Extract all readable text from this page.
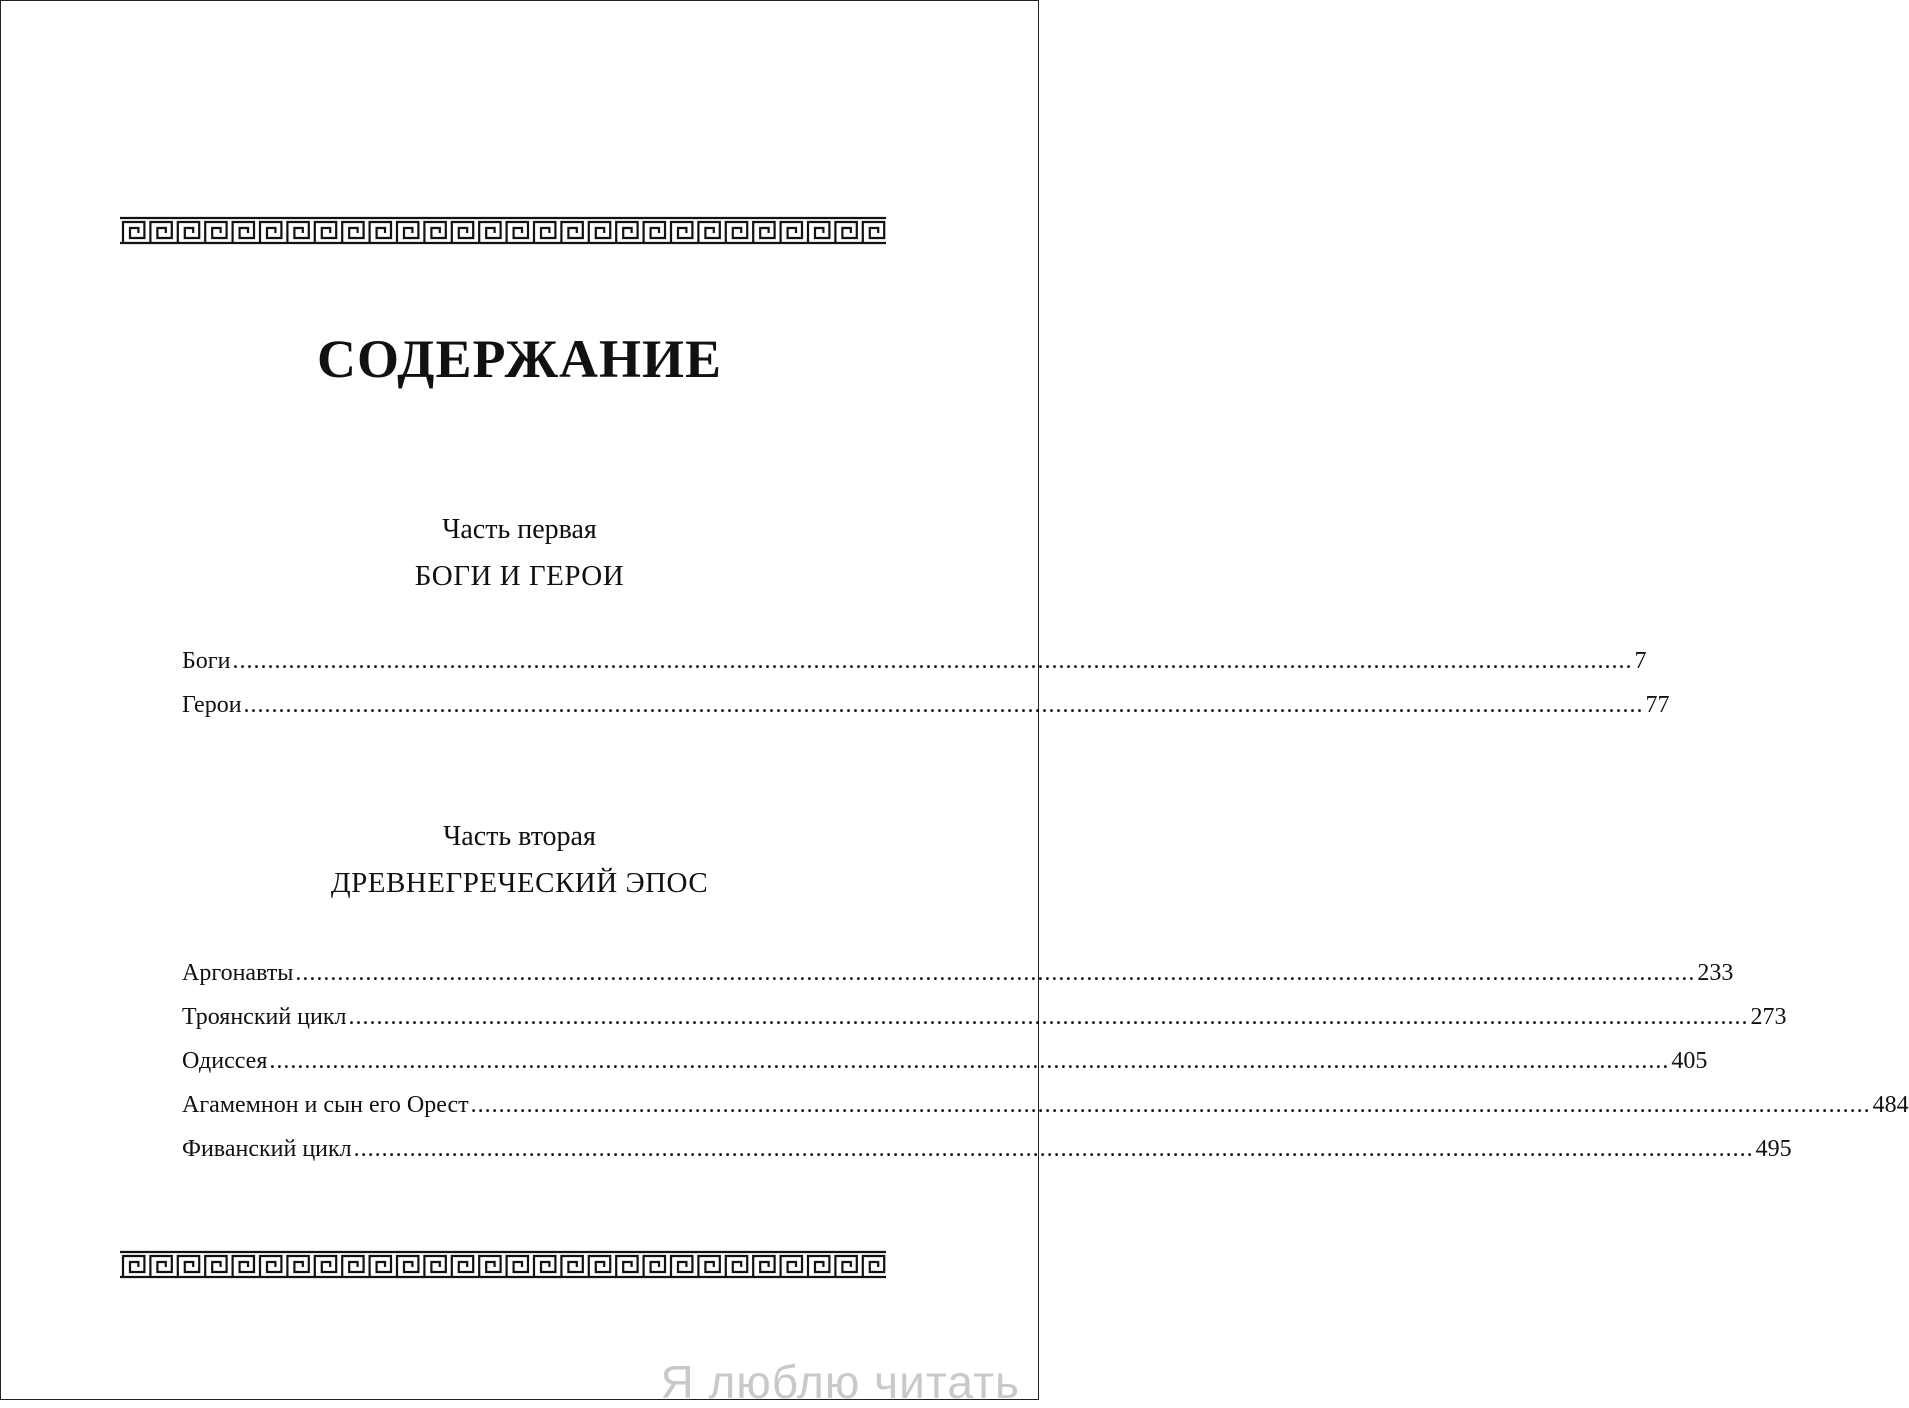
СОДЕРЖАНИЕ
Часть первая
БОГИ И ГЕРОИ
Боги ........................................................................................................................................................................................................ 7
Герои ........................................................................................................................................................................................................ 77
Часть вторая
ДРЕВНЕГРЕЧЕСКИЙ ЭПОС
Аргонавты ........................................................................................................................................................................................................ 233
Троянский цикл ........................................................................................................................................................................................................ 273
Одиссея ........................................................................................................................................................................................................ 405
Агамемнон и сын его Орест ........................................................................................................................................................................................................ 484
Фиванский цикл ........................................................................................................................................................................................................ 495
Я люблю читать
